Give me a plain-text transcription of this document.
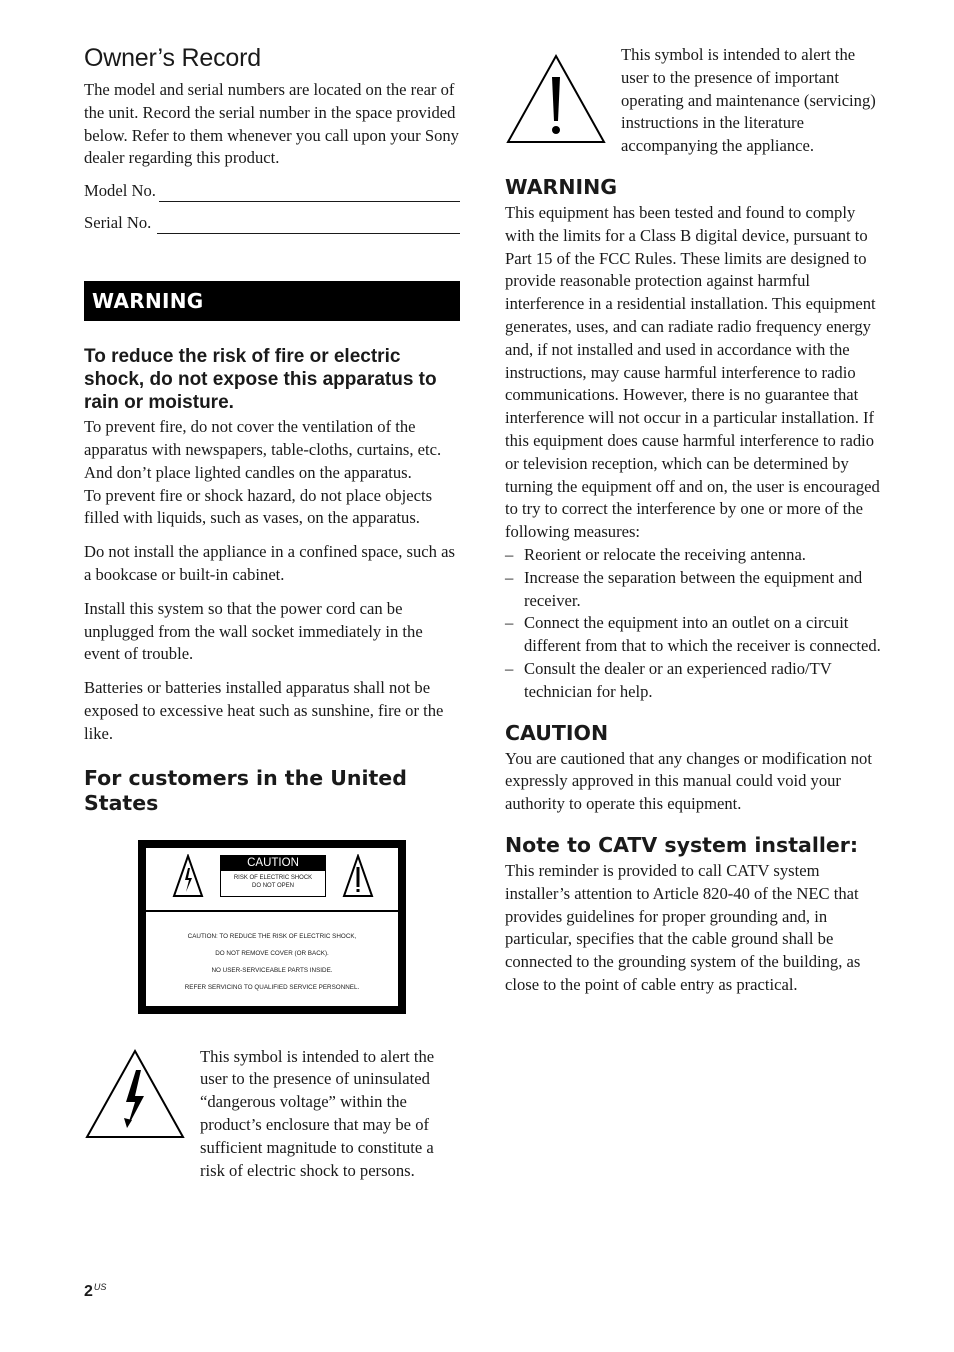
Owner’s Record

The model and serial numbers are located on the rear of the unit. Record the serial number in the space provided below. Refer to them whenever you call upon your Sony dealer regarding this product.

Model No.
Serial No.
WARNING
To reduce the risk of fire or electric shock, do not expose this apparatus to rain or moisture.

To prevent fire, do not cover the ventilation of the apparatus with newspapers, table-cloths, curtains, etc. And don’t place lighted candles on the apparatus.

To prevent fire or shock hazard, do not place objects filled with liquids, such as vases, on the apparatus.

Do not install the appliance in a confined space, such as a bookcase or built-in cabinet.

Install this system so that the power cord can be unplugged from the wall socket immediately in the event of trouble.

Batteries or batteries installed apparatus shall not be exposed to excessive heat such as sunshine, fire or the like.

For customers in the United States
CAUTION
RISK OF ELECTRIC SHOCK
DO NOT OPEN
CAUTION: TO REDUCE THE RISK OF ELECTRIC SHOCK,
DO NOT REMOVE COVER (OR BACK).
NO USER-SERVICEABLE PARTS INSIDE.
REFER SERVICING TO QUALIFIED SERVICE PERSONNEL.

This symbol is intended to alert the user to the presence of uninsulated “dangerous voltage” within the product’s enclosure that may be of sufficient magnitude to constitute a risk of electric shock to persons.

This symbol is intended to alert the user to the presence of important operating and maintenance (servicing) instructions in the literature accompanying the appliance.

WARNING

This equipment has been tested and found to comply with the limits for a Class B digital device, pursuant to Part 15 of the FCC Rules. These limits are designed to provide reasonable protection against harmful interference in a residential installation. This equipment generates, uses, and can radiate radio frequency energy and, if not installed and used in accordance with the instructions, may cause harmful interference to radio communications. However, there is no guarantee that interference will not occur in a particular installation. If this equipment does cause harmful interference to radio or television reception, which can be determined by turning the equipment off and on, the user is encouraged to try to correct the interference by one or more of the following measures:

– Reorient or relocate the receiving antenna.
– Increase the separation between the equipment and receiver.
– Connect the equipment into an outlet on a circuit different from that to which the receiver is connected.
– Consult the dealer or an experienced radio/TV technician for help.
CAUTION

You are cautioned that any changes or modification not expressly approved in this manual could void your authority to operate this equipment.

Note to CATV system installer:

This reminder is provided to call CATV system installer’s attention to Article 820-40 of the NEC that provides guidelines for proper grounding and, in particular, specifies that the cable ground shall be connected to the grounding system of the building, as close to the point of cable entry as practical.

$2^{US}$
